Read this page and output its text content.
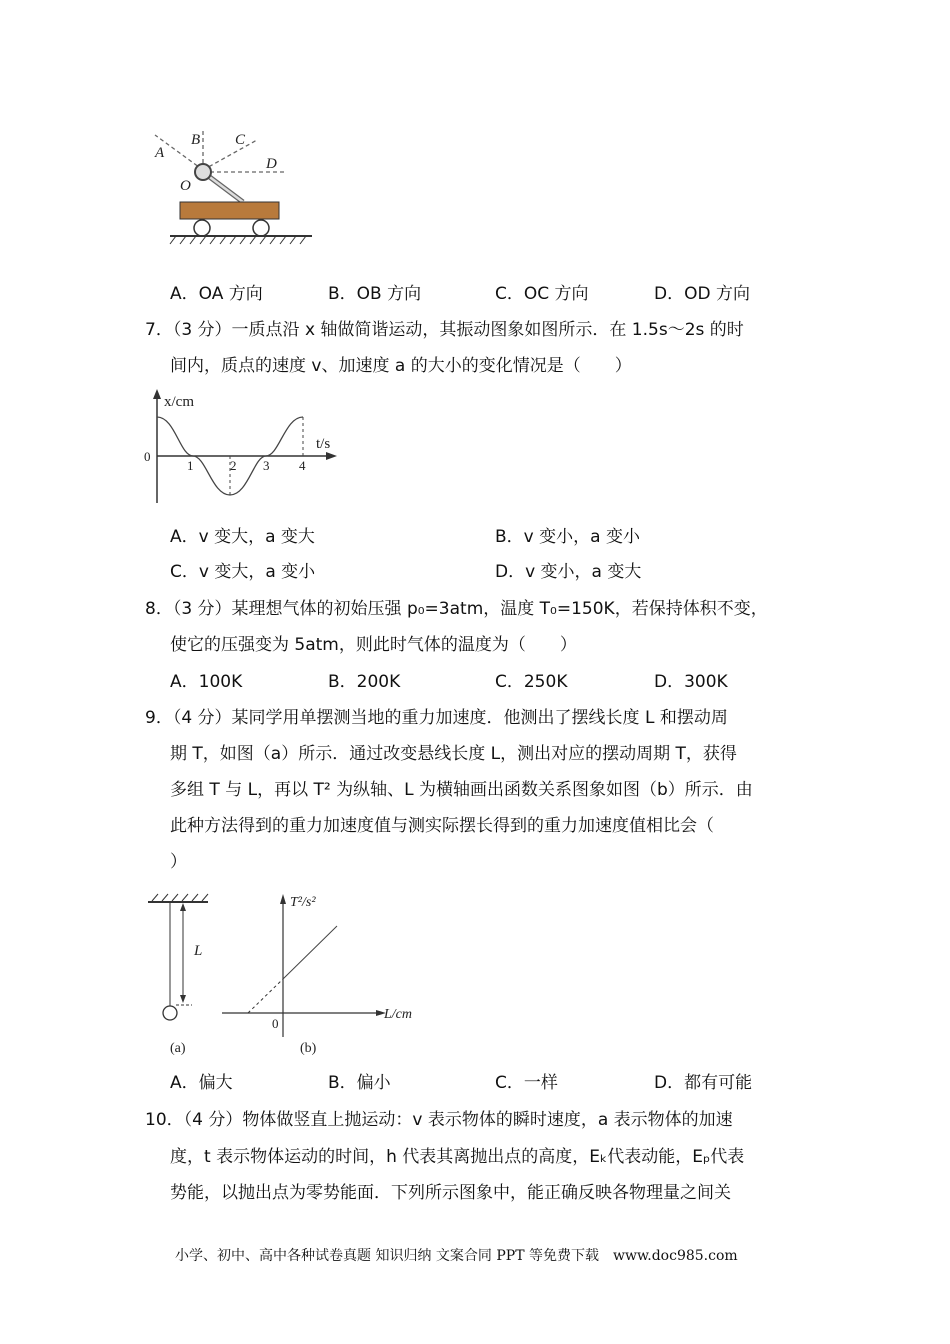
A
B C
D
O
A．OA 方向	B．OB 方向	C．OC 方向	D．OD 方向
7．（3 分）一质点沿 x 轴做简谐运动，其振动图象如图所示．在 1.5s～2s 的时
间内，质点的速度 v、加速度 a 的大小的变化情况是（　　）
x/cm
t/s
0
1	2 3 4
A．v 变大，a 变大	B．v 变小，a 变小
C．v 变大，a 变小	D．v 变小，a 变大
8．（3 分）某理想气体的初始压强 p₀=3atm，温度 T₀=150K，若保持体积不变，
使它的压强变为 5atm，则此时气体的温度为（　　）
A．100K	B．200K	C．250K	D．300K
9．（4 分）某同学用单摆测当地的重力加速度．他测出了摆线长度 L 和摆动周
期 T，如图（a）所示．通过改变悬线长度 L，测出对应的摆动周期 T，获得
多组 T 与 L，再以 T² 为纵轴、L 为横轴画出函数关系图象如图（b）所示．由
此种方法得到的重力加速度值与测实际摆长得到的重力加速度值相比会（
）
L
(a)
T²/s²
L/cm
0
(b)
A．偏大	B．偏小	C．一样	D．都有可能
10．（4 分）物体做竖直上抛运动：v 表示物体的瞬时速度，a 表示物体的加速
度，t 表示物体运动的时间，h 代表其离抛出点的高度，Eₖ代表动能，Eₚ代表
势能，以抛出点为零势能面．下列所示图象中，能正确反映各物理量之间关
小学、初中、高中各种试卷真题 知识归纳 文案合同 PPT 等免费下载　www.doc985.com
